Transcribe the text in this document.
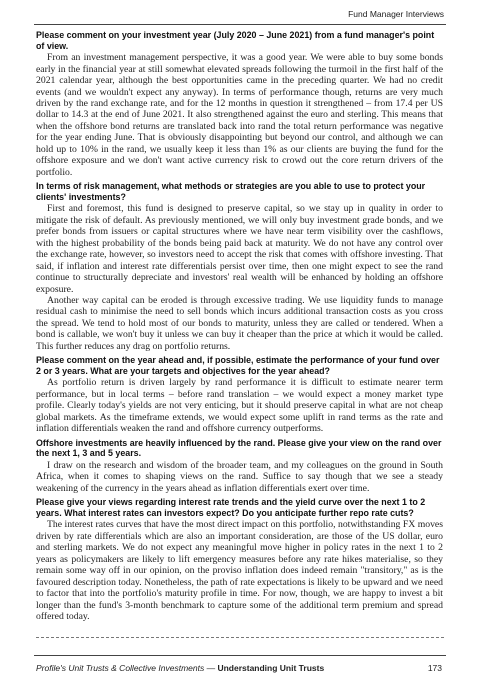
Fund Manager Interviews
Please comment on your investment year (July 2020 – June 2021) from a fund manager's point of view.

From an investment management perspective, it was a good year. We were able to buy some bonds early in the financial year at still somewhat elevated spreads following the turmoil in the first half of the 2021 calendar year, although the best opportunities came in the preceding quarter. We had no credit events (and we wouldn't expect any anyway). In terms of performance though, returns are very much driven by the rand exchange rate, and for the 12 months in question it strengthened – from 17.4 per US dollar to 14.3 at the end of June 2021. It also strengthened against the euro and sterling. This means that when the offshore bond returns are translated back into rand the total return performance was negative for the year ending June. That is obviously disappointing but beyond our control, and although we can hold up to 10% in the rand, we usually keep it less than 1% as our clients are buying the fund for the offshore exposure and we don't want active currency risk to crowd out the core return drivers of the portfolio.

In terms of risk management, what methods or strategies are you able to use to protect your clients' investments?

First and foremost, this fund is designed to preserve capital, so we stay up in quality in order to mitigate the risk of default. As previously mentioned, we will only buy investment grade bonds, and we prefer bonds from issuers or capital structures where we have near term visibility over the cashflows, with the highest probability of the bonds being paid back at maturity. We do not have any control over the exchange rate, however, so investors need to accept the risk that comes with offshore investing. That said, if inflation and interest rate differentials persist over time, then one might expect to see the rand continue to structurally depreciate and investors' real wealth will be enhanced by holding an offshore exposure.

Another way capital can be eroded is through excessive trading. We use liquidity funds to manage residual cash to minimise the need to sell bonds which incurs additional transaction costs as you cross the spread. We tend to hold most of our bonds to maturity, unless they are called or tendered. When a bond is callable, we won't buy it unless we can buy it cheaper than the price at which it would be called. This further reduces any drag on portfolio returns.

Please comment on the year ahead and, if possible, estimate the performance of your fund over 2 or 3 years. What are your targets and objectives for the year ahead?

As portfolio return is driven largely by rand performance it is difficult to estimate nearer term performance, but in local terms – before rand translation – we would expect a money market type profile. Clearly today's yields are not very enticing, but it should preserve capital in what are not cheap global markets. As the timeframe extends, we would expect some uplift in rand terms as the rate and inflation differentials weaken the rand and offshore currency outperforms.

Offshore investments are heavily influenced by the rand. Please give your view on the rand over the next 1, 3 and 5 years.

I draw on the research and wisdom of the broader team, and my colleagues on the ground in South Africa, when it comes to shaping views on the rand. Suffice to say though that we see a steady weakening of the currency in the years ahead as inflation differentials exert over time.

Please give your views regarding interest rate trends and the yield curve over the next 1 to 2 years. What interest rates can investors expect? Do you anticipate further repo rate cuts?

The interest rates curves that have the most direct impact on this portfolio, notwithstanding FX moves driven by rate differentials which are also an important consideration, are those of the US dollar, euro and sterling markets. We do not expect any meaningful move higher in policy rates in the next 1 to 2 years as policymakers are likely to lift emergency measures before any rate hikes materialise, so they remain some way off in our opinion, on the proviso inflation does indeed remain "transitory," as is the favoured description today. Nonetheless, the path of rate expectations is likely to be upward and we need to factor that into the portfolio's maturity profile in time. For now, though, we are happy to invest a bit longer than the fund's 3-month benchmark to capture some of the additional term premium and spread offered today.

Profile's Unit Trusts & Collective Investments — Understanding Unit Trusts	173
